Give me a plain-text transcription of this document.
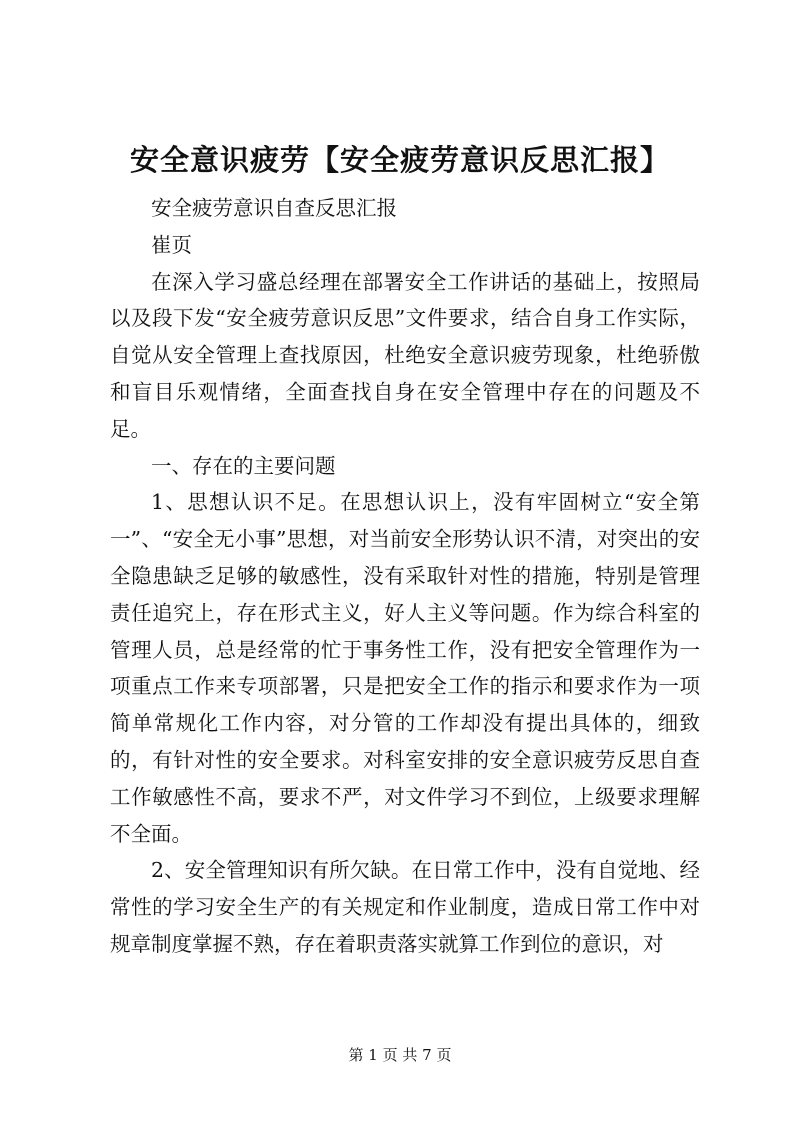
安全意识疲劳【安全疲劳意识反思汇报】

安全疲劳意识自查反思汇报

崔页

在深入学习盛总经理在部署安全工作讲话的基础上，按照局以及段下发“安全疲劳意识反思”文件要求，结合自身工作实际，自觉从安全管理上查找原因，杜绝安全意识疲劳现象，杜绝骄傲和盲目乐观情绪，全面查找自身在安全管理中存在的问题及不足。

一、存在的主要问题

1、思想认识不足。在思想认识上，没有牢固树立“安全第一”、“安全无小事”思想，对当前安全形势认识不清，对突出的安全隐患缺乏足够的敏感性，没有采取针对性的措施，特别是管理责任追究上，存在形式主义，好人主义等问题。作为综合科室的管理人员，总是经常的忙于事务性工作，没有把安全管理作为一项重点工作来专项部署，只是把安全工作的指示和要求作为一项简单常规化工作内容，对分管的工作却没有提出具体的，细致的，有针对性的安全要求。对科室安排的安全意识疲劳反思自查工作敏感性不高，要求不严，对文件学习不到位，上级要求理解不全面。

2、安全管理知识有所欠缺。在日常工作中，没有自觉地、经常性的学习安全生产的有关规定和作业制度，造成日常工作中对规章制度掌握不熟，存在着职责落实就算工作到位的意识，对

第 1 页 共 7 页
